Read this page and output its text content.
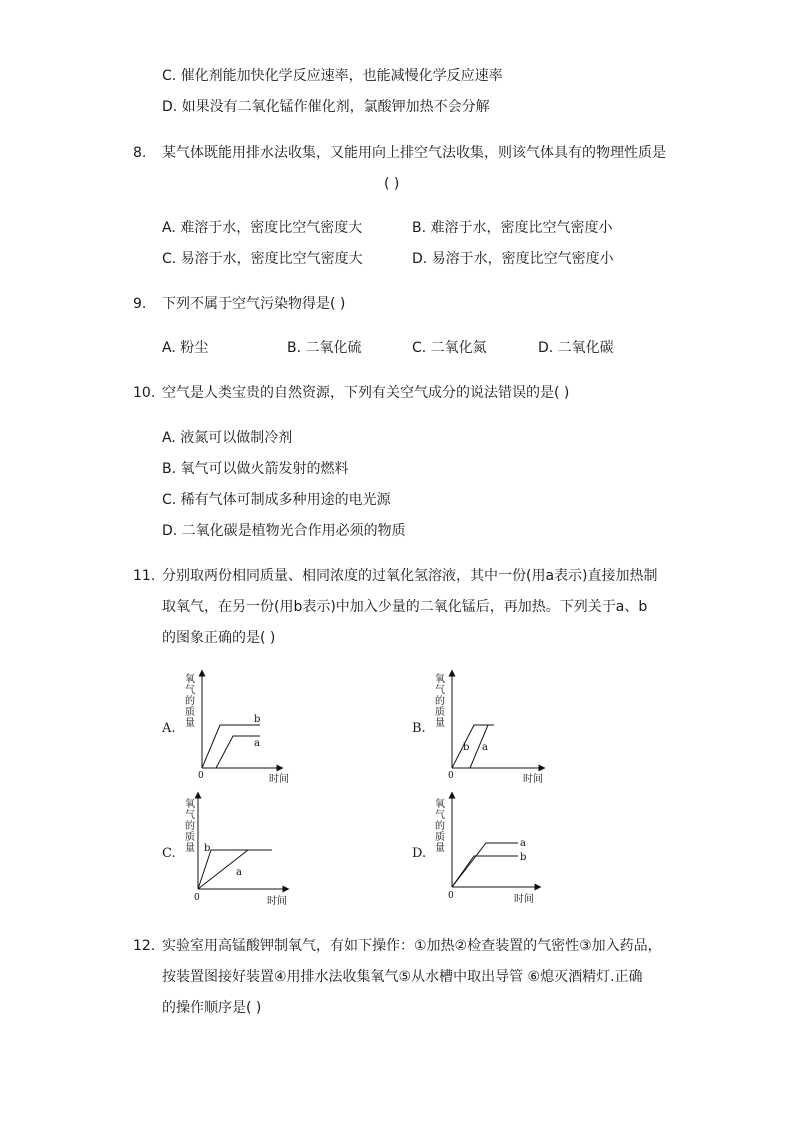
C. 催化剂能加快化学反应速率，也能减慢化学反应速率
D. 如果没有二氧化锰作催化剂，氯酸钾加热不会分解
8. 某气体既能用排水法收集，又能用向上排空气法收集，则该气体具有的物理性质是
( )
A. 难溶于水，密度比空气密度大	B. 难溶于水，密度比空气密度小
C. 易溶于水，密度比空气密度大	D. 易溶于水，密度比空气密度小
9. 下列不属于空气污染物得是( )
A. 粉尘	B. 二氧化硫	C. 二氧化氮	D. 二氧化碳
10. 空气是人类宝贵的自然资源，下列有关空气成分的说法错误的是( )
A. 液氮可以做制冷剂
B. 氧气可以做火箭发射的燃料
C. 稀有气体可制成多种用途的电光源
D. 二氧化碳是植物光合作用必须的物质
11. 分别取两份相同质量、相同浓度的过氧化氢溶液，其中一份(用a表示)直接加热制
取氧气，在另一份(用b表示)中加入少量的二氧化锰后，再加热。下列关于a、b
的图象正确的是( )
A.	B.
C.	D.
氧
气
的
质
量
0	时间
b
a
氧
气
的
质
量
0	时间
b a
氧
气
的
质
量
0	时间
b
a
氧
气
的
质
量
0	时间
a
b
12. 实验室用高锰酸钾制氧气，有如下操作：①加热②检查装置的气密性③加入药品，
按装置图接好装置④用排水法收集氧气⑤从水槽中取出导管 ⑥熄灭酒精灯.正确
的操作顺序是( )
